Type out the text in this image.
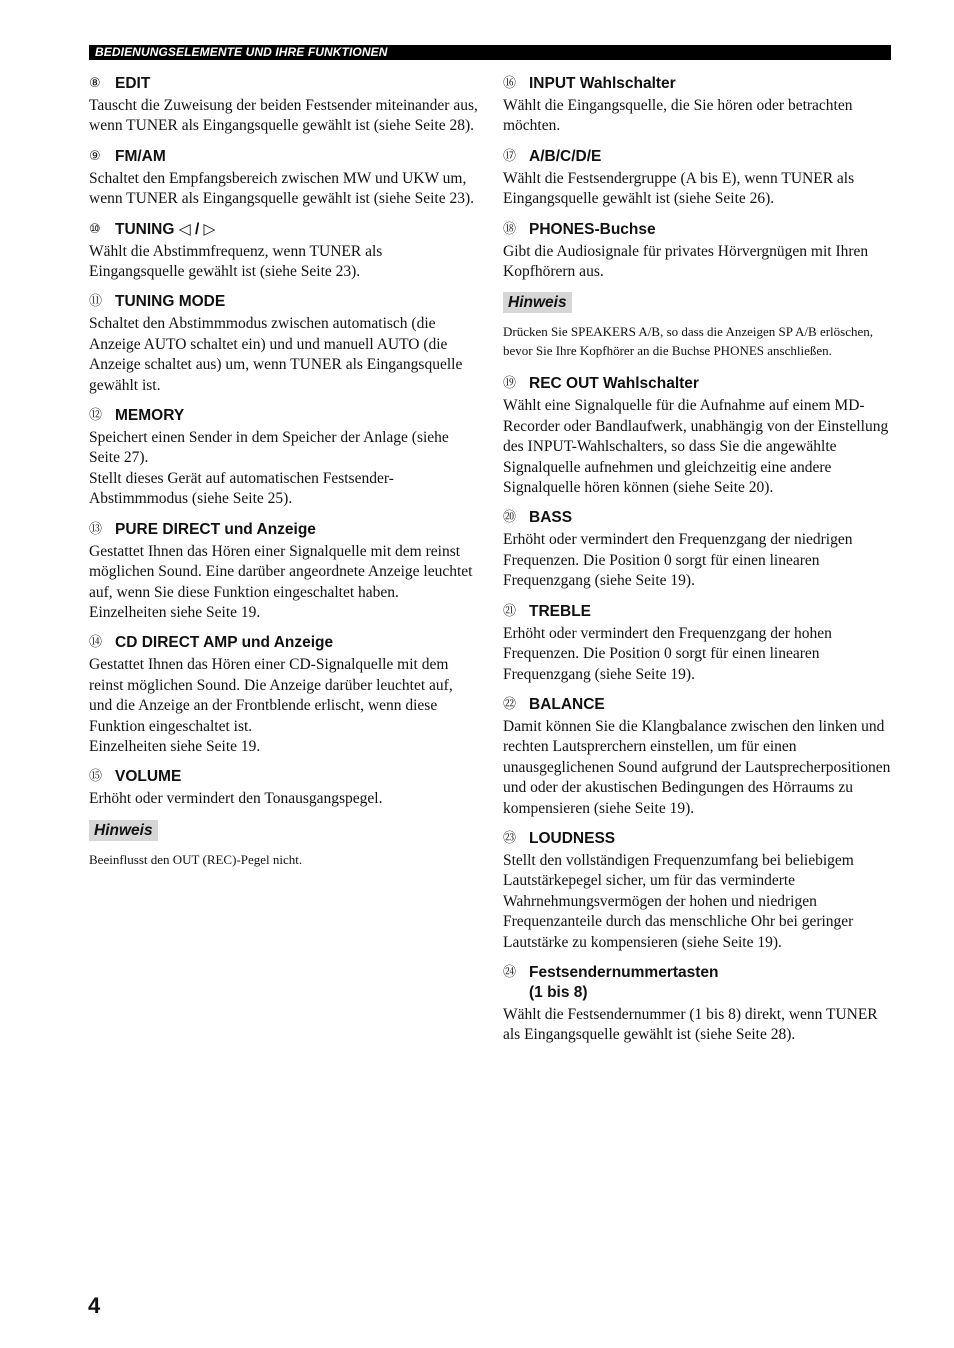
BEDIENUNGSELEMENTE UND IHRE FUNKTIONEN
⑧ EDIT

Tauscht die Zuweisung der beiden Festsender miteinander aus, wenn TUNER als Eingangsquelle gewählt ist (siehe Seite 28).

⑨ FM/AM

Schaltet den Empfangsbereich zwischen MW und UKW um, wenn TUNER als Eingangsquelle gewählt ist (siehe Seite 23).

⑩ TUNING ◁ / ▷

Wählt die Abstimmfrequenz, wenn TUNER als Eingangsquelle gewählt ist (siehe Seite 23).

⑪ TUNING MODE

Schaltet den Abstimmmodus zwischen automatisch (die Anzeige AUTO schaltet ein) und und manuell AUTO (die Anzeige schaltet aus) um, wenn TUNER als Eingangsquelle gewählt ist.

⑫ MEMORY

Speichert einen Sender in dem Speicher der Anlage (siehe Seite 27).

Stellt dieses Gerät auf automatischen Festsender-Abstimmmodus (siehe Seite 25).

⑬ PURE DIRECT und Anzeige

Gestattet Ihnen das Hören einer Signalquelle mit dem reinst möglichen Sound. Eine darüber angeordnete Anzeige leuchtet auf, wenn Sie diese Funktion eingeschaltet haben.

Einzelheiten siehe Seite 19.

⑭ CD DIRECT AMP und Anzeige

Gestattet Ihnen das Hören einer CD-Signalquelle mit dem reinst möglichen Sound. Die Anzeige darüber leuchtet auf, und die Anzeige an der Frontblende erlischt, wenn diese Funktion eingeschaltet ist.

Einzelheiten siehe Seite 19.

⑮ VOLUME

Erhöht oder vermindert den Tonausgangspegel.

Hinweis
Beeinflusst den OUT (REC)-Pegel nicht.
⑯ INPUT Wahlschalter

Wählt die Eingangsquelle, die Sie hören oder betrachten möchten.

⑰ A/B/C/D/E

Wählt die Festsendergruppe (A bis E), wenn TUNER als Eingangsquelle gewählt ist (siehe Seite 26).

⑱ PHONES-Buchse

Gibt die Audiosignale für privates Hörvergnügen mit Ihren Kopfhörern aus.

Hinweis
Drücken Sie SPEAKERS A/B, so dass die Anzeigen SP A/B erlöschen, bevor Sie Ihre Kopfhörer an die Buchse PHONES anschließen.
⑲ REC OUT Wahlschalter

Wählt eine Signalquelle für die Aufnahme auf einem MD-Recorder oder Bandlaufwerk, unabhängig von der Einstellung des INPUT-Wahlschalters, so dass Sie die angewählte Signalquelle aufnehmen und gleichzeitig eine andere Signalquelle hören können (siehe Seite 20).

⑳ BASS

Erhöht oder vermindert den Frequenzgang der niedrigen Frequenzen. Die Position 0 sorgt für einen linearen Frequenzgang (siehe Seite 19).

㉑ TREBLE

Erhöht oder vermindert den Frequenzgang der hohen Frequenzen. Die Position 0 sorgt für einen linearen Frequenzgang (siehe Seite 19).

㉒ BALANCE

Damit können Sie die Klangbalance zwischen den linken und rechten Lautsprerchern einstellen, um für einen unausgeglichenen Sound aufgrund der Lautsprecherpositionen und oder der akustischen Bedingungen des Hörraums zu kompensieren (siehe Seite 19).

㉓ LOUDNESS

Stellt den vollständigen Frequenzumfang bei beliebigem Lautstärkepegel sicher, um für das verminderte Wahrnehmungsvermögen der hohen und niedrigen Frequenzanteile durch das menschliche Ohr bei geringer Lautstärke zu kompensieren (siehe Seite 19).

㉔ Festsendernummertasten
(1 bis 8)

Wählt die Festsendernummer (1 bis 8) direkt, wenn TUNER als Eingangsquelle gewählt ist (siehe Seite 28).

4
